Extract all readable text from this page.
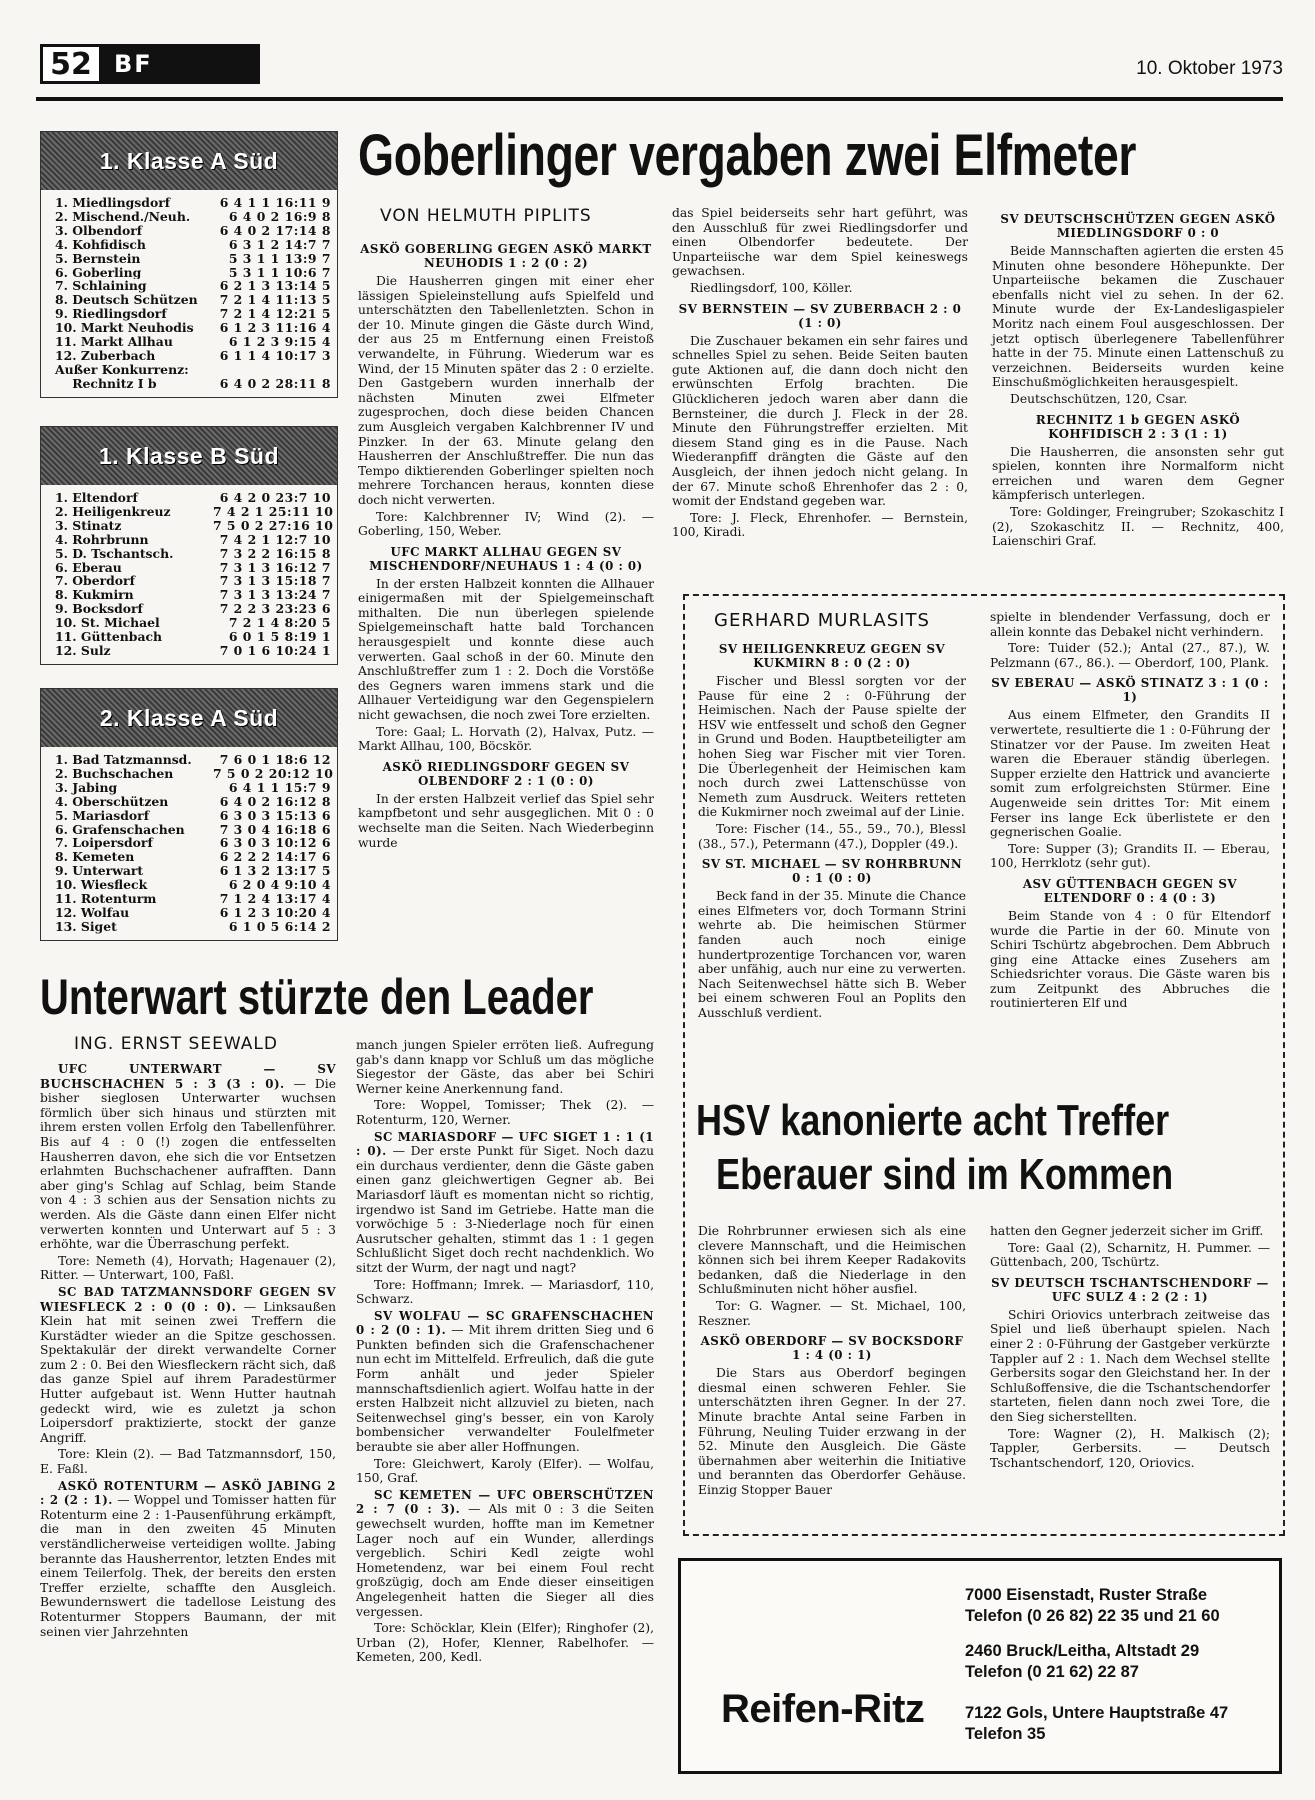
52 BF	10. Oktober 1973
1. Klasse A Süd
1. Miedlingsdorf	6 4 1 1 16:11 9
2. Mischend./Neuh.	6 4 0 2 16:9 8
3. Olbendorf	6 4 0 2 17:14 8
4. Kohfidisch	6 3 1 2 14:7 7
5. Bernstein	5 3 1 1 13:9 7
6. Goberling	5 3 1 1 10:6 7
7. Schlaining	6 2 1 3 13:14 5
8. Deutsch Schützen	7 2 1 4 11:13 5
9. Riedlingsdorf	7 2 1 4 12:21 5
10. Markt Neuhodis	6 1 2 3 11:16 4
11. Markt Allhau	6 1 2 3 9:15 4
12. Zuberbach	6 1 1 4 10:17 3
Außer Konkurrenz:
Rechnitz I b	6 4 0 2 28:11 8
1. Klasse B Süd
1. Eltendorf	6 4 2 0 23:7 10
2. Heiligenkreuz	7 4 2 1 25:11 10
3. Stinatz	7 5 0 2 27:16 10
4. Rohrbrunn	7 4 2 1 12:7 10
5. D. Tschantsch.	7 3 2 2 16:15 8
6. Eberau	7 3 1 3 16:12 7
7. Oberdorf	7 3 1 3 15:18 7
8. Kukmirn	7 3 1 3 13:24 7
9. Bocksdorf	7 2 2 3 23:23 6
10. St. Michael	7 2 1 4 8:20 5
11. Güttenbach	6 0 1 5 8:19 1
12. Sulz	7 0 1 6 10:24 1
2. Klasse A Süd
1. Bad Tatzmannsd.	7 6 0 1 18:6 12
2. Buchschachen	7 5 0 2 20:12 10
3. Jabing	6 4 1 1 15:7 9
4. Oberschützen	6 4 0 2 16:12 8
5. Mariasdorf	6 3 0 3 15:13 6
6. Grafenschachen	7 3 0 4 16:18 6
7. Loipersdorf	6 3 0 3 10:12 6
8. Kemeten	6 2 2 2 14:17 6
9. Unterwart	6 1 3 2 13:17 5
10. Wiesfleck	6 2 0 4 9:10 4
11. Rotenturm	7 1 2 4 13:17 4
12. Wolfau	6 1 2 3 10:20 4
13. Siget	6 1 0 5 6:14 2
Goberlinger vergaben zwei Elfmeter
VON HELMUTH PIPLITS

ASKÖ GOBERLING GEGEN ASKÖ MARKT NEUHODIS 1 : 2 (0 : 2)

Die Hausherren gingen mit einer eher lässigen Spieleinstellung aufs Spielfeld und unterschätzten den Tabellenletzten. Schon in der 10. Minute gingen die Gäste durch Wind, der aus 25 m Entfernung einen Freistoß verwandelte, in Führung. Wiederum war es Wind, der 15 Minuten später das 2 : 0 erzielte. Den Gastgebern wurden innerhalb der nächsten Minuten zwei Elfmeter zugesprochen, doch diese beiden Chancen zum Ausgleich vergaben Kalchbrenner IV und Pinzker. In der 63. Minute gelang den Hausherren der Anschlußtreffer. Die nun das Tempo diktierenden Goberlinger spielten noch mehrere Torchancen heraus, konnten diese doch nicht verwerten.

Tore: Kalchbrenner IV; Wind (2). — Goberling, 150, Weber.

UFC MARKT ALLHAU GEGEN SV MISCHENDORF/NEUHAUS 1 : 4 (0 : 0)

In der ersten Halbzeit konnten die Allhauer einigermaßen mit der Spielgemeinschaft mithalten. Die nun überlegen spielende Spielgemeinschaft hatte bald Torchancen herausgespielt und konnte diese auch verwerten. Gaal schoß in der 60. Minute den Anschlußtreffer zum 1 : 2. Doch die Vorstöße des Gegners waren immens stark und die Allhauer Verteidigung war den Gegenspielern nicht gewachsen, die noch zwei Tore erzielten.

Tore: Gaal; L. Horvath (2), Halvax, Putz. — Markt Allhau, 100, Böcskör.

ASKÖ RIEDLINGSDORF GEGEN SV OLBENDORF 2 : 1 (0 : 0)

In der ersten Halbzeit verlief das Spiel sehr kampfbetont und sehr ausgeglichen. Mit 0 : 0 wechselte man die Seiten. Nach Wiederbeginn wurde

das Spiel beiderseits sehr hart geführt, was den Ausschluß für zwei Riedlingsdorfer und einen Olbendorfer bedeutete. Der Unparteiische war dem Spiel keineswegs gewachsen.

Riedlingsdorf, 100, Köller.

SV BERNSTEIN — SV ZUBERBACH 2 : 0 (1 : 0)

Die Zuschauer bekamen ein sehr faires und schnelles Spiel zu sehen. Beide Seiten bauten gute Aktionen auf, die dann doch nicht den erwünschten Erfolg brachten. Die Glücklicheren jedoch waren aber dann die Bernsteiner, die durch J. Fleck in der 28. Minute den Führungstreffer erzielten. Mit diesem Stand ging es in die Pause. Nach Wiederanpfiff drängten die Gäste auf den Ausgleich, der ihnen jedoch nicht gelang. In der 67. Minute schoß Ehrenhofer das 2 : 0, womit der Endstand gegeben war.

Tore: J. Fleck, Ehrenhofer. — Bernstein, 100, Kiradi.

SV DEUTSCHSCHÜTZEN GEGEN ASKÖ MIEDLINGSDORF 0 : 0

Beide Mannschaften agierten die ersten 45 Minuten ohne besondere Höhepunkte. Der Unparteiische bekamen die Zuschauer ebenfalls nicht viel zu sehen. In der 62. Minute wurde der Ex-Landesligaspieler Moritz nach einem Foul ausgeschlossen. Der jetzt optisch überlegenere Tabellenführer hatte in der 75. Minute einen Lattenschuß zu verzeichnen. Beiderseits wurden keine Einschußmöglichkeiten herausgespielt.

Deutschschützen, 120, Csar.

RECHNITZ 1 b GEGEN ASKÖ KOHFIDISCH 2 : 3 (1 : 1)

Die Hausherren, die ansonsten sehr gut spielen, konnten ihre Normalform nicht erreichen und waren dem Gegner kämpferisch unterlegen.

Tore: Goldinger, Freingruber; Szokaschitz I (2), Szokaschitz II. — Rechnitz, 400, Laienschiri Graf.

Unterwart stürzte den Leader
ING. ERNST SEEWALD

UFC UNTERWART — SV BUCHSCHACHEN 5 : 3 (3 : 0). — Die bisher sieglosen Unterwarter wuchsen förmlich über sich hinaus und stürzten mit ihrem ersten vollen Erfolg den Tabellenführer. Bis auf 4 : 0 (!) zogen die entfesselten Hausherren davon, ehe sich die vor Entsetzen erlahmten Buchschachener aufrafften. Dann aber ging's Schlag auf Schlag, beim Stande von 4 : 3 schien aus der Sensation nichts zu werden. Als die Gäste dann einen Elfer nicht verwerten konnten und Unterwart auf 5 : 3 erhöhte, war die Überraschung perfekt.

Tore: Nemeth (4), Horvath; Hagenauer (2), Ritter. — Unterwart, 100, Faßl.

SC BAD TATZMANNSDORF GEGEN SV WIESFLECK 2 : 0 (0 : 0). — Linksaußen Klein hat mit seinen zwei Treffern die Kurstädter wieder an die Spitze geschossen. Spektakulär der direkt verwandelte Corner zum 2 : 0. Bei den Wiesfleckern rächt sich, daß das ganze Spiel auf ihrem Paradestürmer Hutter aufgebaut ist. Wenn Hutter hautnah gedeckt wird, wie es zuletzt ja schon Loipersdorf praktizierte, stockt der ganze Angriff.

Tore: Klein (2). — Bad Tatzmannsdorf, 150, E. Faßl.

ASKÖ ROTENTURM — ASKÖ JABING 2 : 2 (2 : 1). — Woppel und Tomisser hatten für Rotenturm eine 2 : 1-Pausenführung erkämpft, die man in den zweiten 45 Minuten verständlicherweise verteidigen wollte. Jabing berannte das Hausherrentor, letzten Endes mit einem Teilerfolg. Thek, der bereits den ersten Treffer erzielte, schaffte den Ausgleich. Bewundernswert die tadellose Leistung des Rotenturmer Stoppers Baumann, der mit seinen vier Jahrzehnten

manch jungen Spieler erröten ließ. Aufregung gab's dann knapp vor Schluß um das mögliche Siegestor der Gäste, das aber bei Schiri Werner keine Anerkennung fand.

Tore: Woppel, Tomisser; Thek (2). — Rotenturm, 120, Werner.

SC MARIASDORF — UFC SIGET 1 : 1 (1 : 0). — Der erste Punkt für Siget. Noch dazu ein durchaus verdienter, denn die Gäste gaben einen ganz gleichwertigen Gegner ab. Bei Mariasdorf läuft es momentan nicht so richtig, irgendwo ist Sand im Getriebe. Hatte man die vorwöchige 5 : 3-Niederlage noch für einen Ausrutscher gehalten, stimmt das 1 : 1 gegen Schlußlicht Siget doch recht nachdenklich. Wo sitzt der Wurm, der nagt und nagt?

Tore: Hoffmann; Imrek. — Mariasdorf, 110, Schwarz.

SV WOLFAU — SC GRAFENSCHACHEN 0 : 2 (0 : 1). — Mit ihrem dritten Sieg und 6 Punkten befinden sich die Grafenschachener nun echt im Mittelfeld. Erfreulich, daß die gute Form anhält und jeder Spieler mannschaftsdienlich agiert. Wolfau hatte in der ersten Halbzeit nicht allzuviel zu bieten, nach Seitenwechsel ging's besser, ein von Karoly bombensicher verwandelter Foulelfmeter beraubte sie aber aller Hoffnungen.

Tore: Gleichwert, Karoly (Elfer). — Wolfau, 150, Graf.

SC KEMETEN — UFC OBERSCHÜTZEN 2 : 7 (0 : 3). — Als mit 0 : 3 die Seiten gewechselt wurden, hoffte man im Kemetner Lager noch auf ein Wunder, allerdings vergeblich. Schiri Kedl zeigte wohl Hometendenz, war bei einem Foul recht großzügig, doch am Ende dieser einseitigen Angelegenheit hatten die Sieger all dies vergessen.

Tore: Schöcklar, Klein (Elfer); Ringhofer (2), Urban (2), Hofer, Klenner, Rabelhofer. — Kemeten, 200, Kedl.

GERHARD MURLASITS

SV HEILIGENKREUZ GEGEN SV KUKMIRN 8 : 0 (2 : 0)

Fischer und Blessl sorgten vor der Pause für eine 2 : 0-Führung der Heimischen. Nach der Pause spielte der HSV wie entfesselt und schoß den Gegner in Grund und Boden. Hauptbeteiligter am hohen Sieg war Fischer mit vier Toren. Die Überlegenheit der Heimischen kam noch durch zwei Lattenschüsse von Nemeth zum Ausdruck. Weiters retteten die Kukmirner noch zweimal auf der Linie.

Tore: Fischer (14., 55., 59., 70.), Blessl (38., 57.), Petermann (47.), Doppler (49.).

SV ST. MICHAEL — SV ROHRBRUNN 0 : 1 (0 : 0)

Beck fand in der 35. Minute die Chance eines Elfmeters vor, doch Tormann Strini wehrte ab. Die heimischen Stürmer fanden auch noch einige hundertprozentige Torchancen vor, waren aber unfähig, auch nur eine zu verwerten. Nach Seitenwechsel hätte sich B. Weber bei einem schweren Foul an Poplits den Ausschluß verdient.

spielte in blendender Verfassung, doch er allein konnte das Debakel nicht verhindern.

Tore: Tuider (52.); Antal (27., 87.), W. Pelzmann (67., 86.). — Oberdorf, 100, Plank.

SV EBERAU — ASKÖ STINATZ 3 : 1 (0 : 1)

Aus einem Elfmeter, den Grandits II verwertete, resultierte die 1 : 0-Führung der Stinatzer vor der Pause. Im zweiten Heat waren die Eberauer ständig überlegen. Supper erzielte den Hattrick und avancierte somit zum erfolgreichsten Stürmer. Eine Augenweide sein drittes Tor: Mit einem Ferser ins lange Eck überlistete er den gegnerischen Goalie.

Tore: Supper (3); Grandits II. — Eberau, 100, Herrklotz (sehr gut).

ASV GÜTTENBACH GEGEN SV ELTENDORF 0 : 4 (0 : 3)

Beim Stande von 4 : 0 für Eltendorf wurde die Partie in der 60. Minute von Schiri Tschürtz abgebrochen. Dem Abbruch ging eine Attacke eines Zusehers am Schiedsrichter voraus. Die Gäste waren bis zum Zeitpunkt des Abbruches die routinierteren Elf und

HSV kanonierte acht Treffer
Eberauer sind im Kommen

Die Rohrbrunner erwiesen sich als eine clevere Mannschaft, und die Heimischen können sich bei ihrem Keeper Radakovits bedanken, daß die Niederlage in den Schlußminuten nicht höher ausfiel.

Tor: G. Wagner. — St. Michael, 100, Reszner.

ASKÖ OBERDORF — SV BOCKSDORF 1 : 4 (0 : 1)

Die Stars aus Oberdorf begingen diesmal einen schweren Fehler. Sie unterschätzten ihren Gegner. In der 27. Minute brachte Antal seine Farben in Führung, Neuling Tuider erzwang in der 52. Minute den Ausgleich. Die Gäste übernahmen aber weiterhin die Initiative und berannten das Oberdorfer Gehäuse. Einzig Stopper Bauer

hatten den Gegner jederzeit sicher im Griff.

Tore: Gaal (2), Scharnitz, H. Pummer. — Güttenbach, 200, Tschürtz.

SV DEUTSCH TSCHANTSCHENDORF — UFC SULZ 4 : 2 (2 : 1)

Schiri Oriovics unterbrach zeitweise das Spiel und ließ überhaupt spielen. Nach einer 2 : 0-Führung der Gastgeber verkürzte Tappler auf 2 : 1. Nach dem Wechsel stellte Gerbersits sogar den Gleichstand her. In der Schlußoffensive, die die Tschantschendorfer starteten, fielen dann noch zwei Tore, die den Sieg sicherstellten.

Tore: Wagner (2), H. Malkisch (2); Tappler, Gerbersits. — Deutsch Tschantschendorf, 120, Oriovics.

7000 Eisenstadt, Ruster Straße
Telefon (0 26 82) 22 35 und 21 60
2460 Bruck/Leitha, Altstadt 29
Telefon (0 21 62) 22 87
Reifen-Ritz 7122 Gols, Untere Hauptstraße 47
Telefon 35
